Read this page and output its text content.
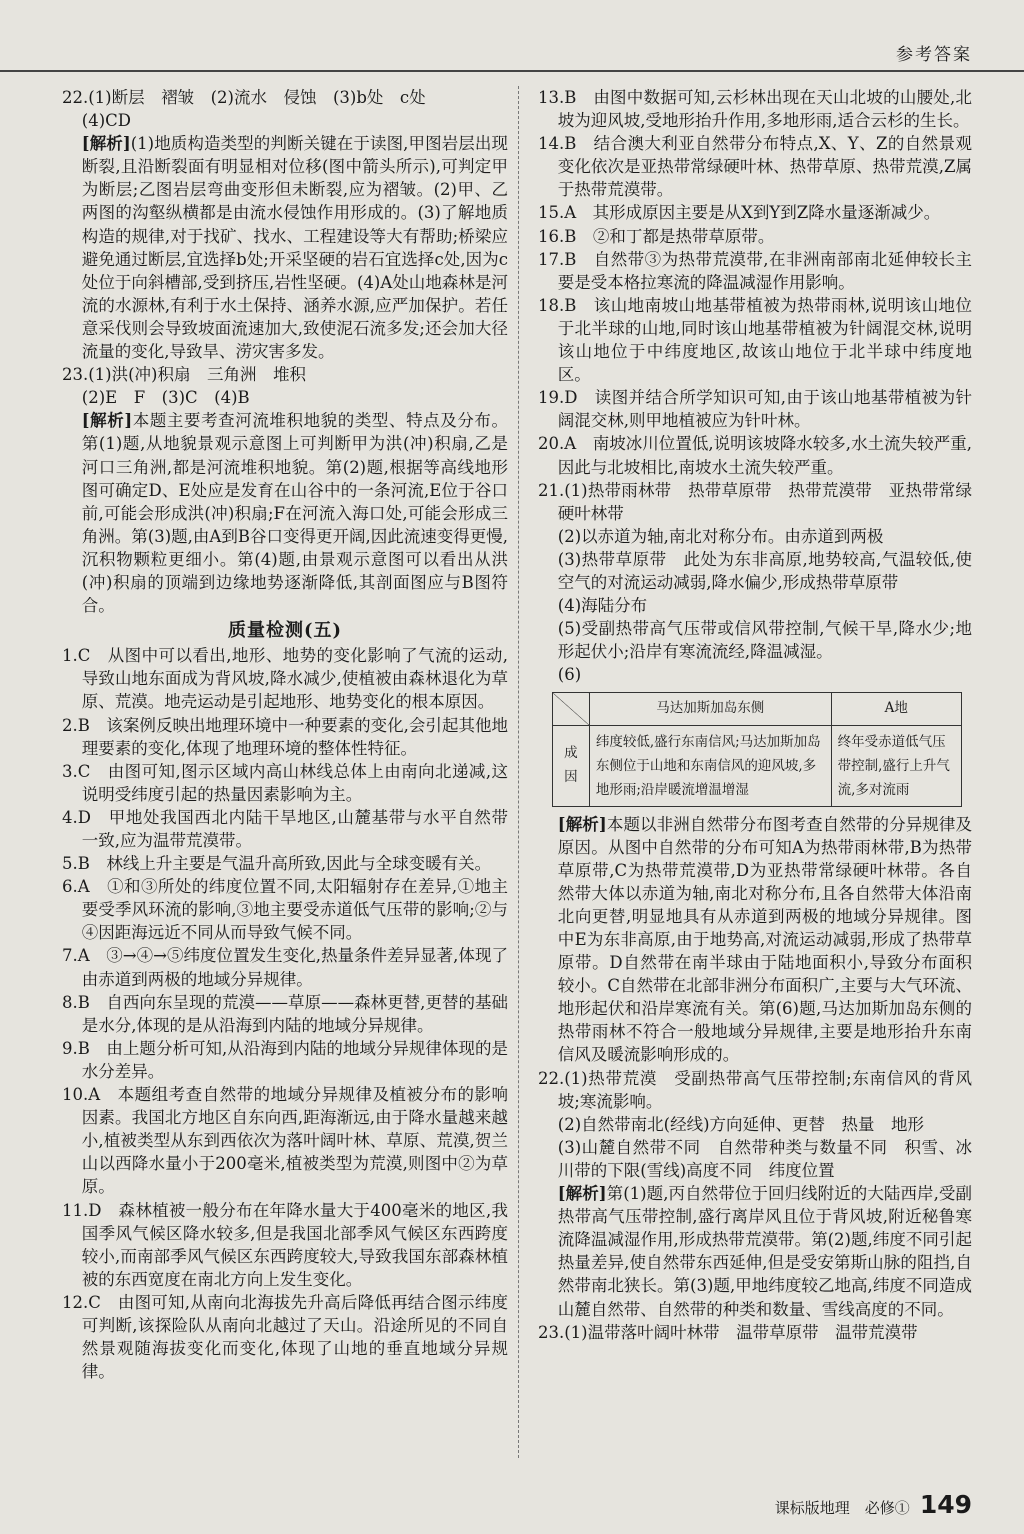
参考答案
22.(1)断层　褶皱　(2)流水　侵蚀　(3)b处　c处
(4)CD
[解析](1)地质构造类型的判断关键在于读图,甲图岩层出现断裂,且沿断裂面有明显相对位移(图中箭头所示),可判定甲为断层;乙图岩层弯曲变形但未断裂,应为褶皱。(2)甲、乙两图的沟壑纵横都是由流水侵蚀作用形成的。(3)了解地质构造的规律,对于找矿、找水、工程建设等大有帮助;桥梁应避免通过断层,宜选择b处;开采坚硬的岩石宜选择c处,因为c处位于向斜槽部,受到挤压,岩性坚硬。(4)A处山地森林是河流的水源林,有利于水土保持、涵养水源,应严加保护。若任意采伐则会导致坡面流速加大,致使泥石流多发;还会加大径流量的变化,导致旱、涝灾害多发。
23.(1)洪(冲)积扇　三角洲　堆积
(2)E　F　(3)C　(4)B
[解析]本题主要考查河流堆积地貌的类型、特点及分布。第(1)题,从地貌景观示意图上可判断甲为洪(冲)积扇,乙是河口三角洲,都是河流堆积地貌。第(2)题,根据等高线地形图可确定D、E处应是发育在山谷中的一条河流,E位于谷口前,可能会形成洪(冲)积扇;F在河流入海口处,可能会形成三角洲。第(3)题,由A到B谷口变得更开阔,因此流速变得更慢,沉积物颗粒更细小。第(4)题,由景观示意图可以看出从洪(冲)积扇的顶端到边缘地势逐渐降低,其剖面图应与B图符合。
质量检测(五)
1.C　从图中可以看出,地形、地势的变化影响了气流的运动,导致山地东面成为背风坡,降水减少,使植被由森林退化为草原、荒漠。地壳运动是引起地形、地势变化的根本原因。
2.B　该案例反映出地理环境中一种要素的变化,会引起其他地理要素的变化,体现了地理环境的整体性特征。
3.C　由图可知,图示区域内高山林线总体上由南向北递减,这说明受纬度引起的热量因素影响为主。
4.D　甲地处我国西北内陆干旱地区,山麓基带与水平自然带一致,应为温带荒漠带。
5.B　林线上升主要是气温升高所致,因此与全球变暖有关。
6.A　①和③所处的纬度位置不同,太阳辐射存在差异,①地主要受季风环流的影响,③地主要受赤道低气压带的影响;②与④因距海远近不同从而导致气候不同。
7.A　③→④→⑤纬度位置发生变化,热量条件差异显著,体现了由赤道到两极的地域分异规律。
8.B　自西向东呈现的荒漠——草原——森林更替,更替的基础是水分,体现的是从沿海到内陆的地域分异规律。
9.B　由上题分析可知,从沿海到内陆的地域分异规律体现的是水分差异。
10.A　本题组考查自然带的地域分异规律及植被分布的影响因素。我国北方地区自东向西,距海渐远,由于降水量越来越小,植被类型从东到西依次为落叶阔叶林、草原、荒漠,贺兰山以西降水量小于200毫米,植被类型为荒漠,则图中②为草原。
11.D　森林植被一般分布在年降水量大于400毫米的地区,我国季风气候区降水较多,但是我国北部季风气候区东西跨度较小,而南部季风气候区东西跨度较大,导致我国东部森林植被的东西宽度在南北方向上发生变化。
12.C　由图可知,从南向北海拔先升高后降低再结合图示纬度可判断,该探险队从南向北越过了天山。沿途所见的不同自然景观随海拔变化而变化,体现了山地的垂直地域分异规律。
13.B　由图中数据可知,云杉林出现在天山北坡的山腰处,北坡为迎风坡,受地形抬升作用,多地形雨,适合云杉的生长。
14.B　结合澳大利亚自然带分布特点,X、Y、Z的自然景观变化依次是亚热带常绿硬叶林、热带草原、热带荒漠,Z属于热带荒漠带。
15.A　其形成原因主要是从X到Y到Z降水量逐渐减少。
16.B　②和丁都是热带草原带。
17.B　自然带③为热带荒漠带,在非洲南部南北延伸较长主要是受本格拉寒流的降温减湿作用影响。
18.B　该山地南坡山地基带植被为热带雨林,说明该山地位于北半球的山地,同时该山地基带植被为针阔混交林,说明该山地位于中纬度地区,故该山地位于北半球中纬度地区。
19.D　读图并结合所学知识可知,由于该山地基带植被为针阔混交林,则甲地植被应为针叶林。
20.A　南坡冰川位置低,说明该坡降水较多,水土流失较严重,因此与北坡相比,南坡水土流失较严重。
21.(1)热带雨林带　热带草原带　热带荒漠带　亚热带常绿硬叶林带
(2)以赤道为轴,南北对称分布。由赤道到两极
(3)热带草原带　此处为东非高原,地势较高,气温较低,使空气的对流运动减弱,降水偏少,形成热带草原带
(4)海陆分布
(5)受副热带高气压带或信风带控制,气候干旱,降水少;地形起伏小;沿岸有寒流流经,降温减湿。
(6)
	马达加斯加岛东侧	A地
成因	纬度较低,盛行东南信风;马达加斯加岛东侧位于山地和东南信风的迎风坡,多地形雨;沿岸暖流增温增湿	终年受赤道低气压带控制,盛行上升气流,多对流雨
[解析]本题以非洲自然带分布图考查自然带的分异规律及原因。从图中自然带的分布可知A为热带雨林带,B为热带草原带,C为热带荒漠带,D为亚热带常绿硬叶林带。各自然带大体以赤道为轴,南北对称分布,且各自然带大体沿南北向更替,明显地具有从赤道到两极的地域分异规律。图中E为东非高原,由于地势高,对流运动减弱,形成了热带草原带。D自然带在南半球由于陆地面积小,导致分布面积较小。C自然带在北部非洲分布面积广,主要与大气环流、地形起伏和沿岸寒流有关。第(6)题,马达加斯加岛东侧的热带雨林不符合一般地域分异规律,主要是地形抬升东南信风及暖流影响形成的。
22.(1)热带荒漠　受副热带高气压带控制;东南信风的背风坡;寒流影响。
(2)自然带南北(经线)方向延伸、更替　热量　地形
(3)山麓自然带不同　自然带种类与数量不同　积雪、冰川带的下限(雪线)高度不同　纬度位置
[解析]第(1)题,丙自然带位于回归线附近的大陆西岸,受副热带高气压带控制,盛行离岸风且位于背风坡,附近秘鲁寒流降温减湿作用,形成热带荒漠带。第(2)题,纬度不同引起热量差异,使自然带东西延伸,但是受安第斯山脉的阻挡,自然带南北狭长。第(3)题,甲地纬度较乙地高,纬度不同造成山麓自然带、自然带的种类和数量、雪线高度的不同。
23.(1)温带落叶阔叶林带　温带草原带　温带荒漠带
课标版地理　必修① 149
